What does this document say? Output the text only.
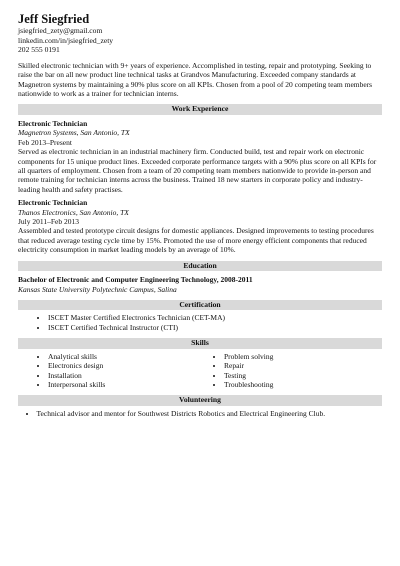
Jeff Siegfried
jsiegfried_zety@gmail.com
linkedin.com/in/jsiegfried_zety
202 555 0191
Skilled electronic technician with 9+ years of experience. Accomplished in testing, repair and prototyping. Seeking to raise the bar on all new product line technical tasks at Grandvos Manufacturing. Exceeded company standards at Magnetron systems by maintaining a 90% plus score on all KPIs. Chosen from a pool of 20 competing team members nationwide to work as a trainer for technician interns.
Work Experience
Electronic Technician
Magnetron Systems, San Antonio, TX
Feb 2013–Present
Served as electronic technician in an industrial machinery firm. Conducted build, test and repair work on electronic components for 15 unique product lines. Exceeded corporate performance targets with a 90% plus score on all KPIs for all quarters of employment. Chosen from a team of 20 competing team members nationwide to provide in-person and remote training for technician interns across the business. Trained 18 new starters in corporate policy and industry-leading health and safety practises.
Electronic Technician
Thanos Electronics, San Antonio, TX
July 2011–Feb 2013
Assembled and tested prototype circuit designs for domestic appliances. Designed improvements to testing procedures that reduced average testing cycle time by 15%. Promoted the use of more energy efficient components that reduced electricity consumption in market leading models by an average of 10%.
Education
Bachelor of Electronic and Computer Engineering Technology, 2008-2011
Kansas State University Polytechnic Campus, Salina
Certification
• ISCET Master Certified Electronics Technician (CET-MA)
• ISCET Certified Technical Instructor (CTI)
Skills
• Analytical skills
• Electronics design
• Installation
• Interpersonal skills
• Problem solving
• Repair
• Testing
• Troubleshooting
Volunteering
• Technical advisor and mentor for Southwest Districts Robotics and Electrical Engineering Club.
